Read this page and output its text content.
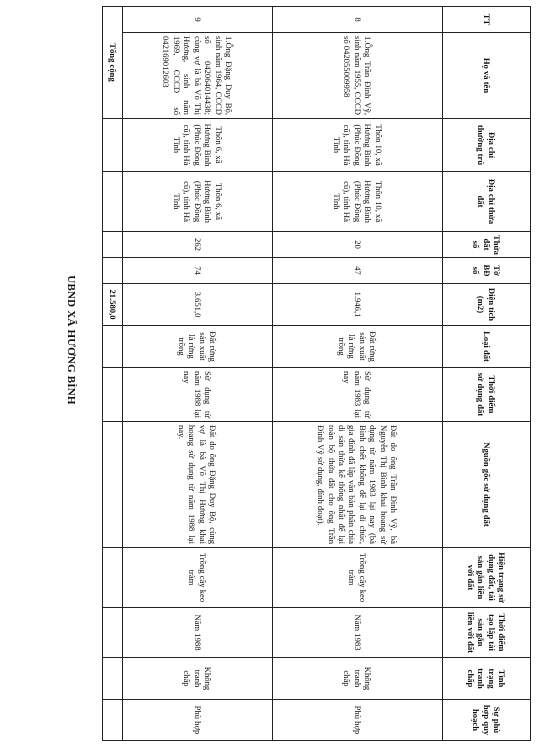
TT	Họ và tên	Địa chỉ thường trú	Địa chỉ thửa đất	Thửa đất số	Tờ BĐ số	Diện tích (m2)	Loại đất	Thời điểm sử dụng đất	Nguồn gốc sử dụng đất	Hiện trạng sử dụng đất, tài sản gắn liền với đất	Thời điểm tạo lập tài sản gắn liền với đất	Tình trạng tranh chấp	Sự phù hợp quy hoạch
8	1.Ông Trần Đình Vỹ, sinh năm 1955, CCCD số 042055009958	Thôn 10, xã Hương Bình (Phúc Đồng cũ), tỉnh Hà Tĩnh	Thôn 10, xã Hương Bình (Phúc Đồng cũ), tỉnh Hà Tĩnh	20	47	1.946,1	Đất rừng sản xuất là rừng trồng	Sử dụng từ năm 1983 lại nay	Đất do ông Trần Đình Vỹ, bà Nguyễn Thị Bình khai hoang sử dụng từ năm 1983 lại nay (bà Bình chết không để lại di chúc, gia đình đã lập văn bản phân chia di sản thừa kế thống nhất để lại toàn bộ thửa đất cho ông Trần Đình Vỹ sử dụng, đính đoạt).	Trồng cây keo tràm	Năm 1983	Không tranh chấp	Phù hợp
9	1.Ông Đặng Duy Bộ, sinh năm 1964, CCCD số 042064014438; cùng vợ là bà Võ Thị Hương, sinh năm 1969, CCCD số 042169012603	Thôn 6, xã Hương Bình (Phúc Đồng cũ), tỉnh Hà Tĩnh	Thôn 6, xã Hương Bình (Phúc Đồng cũ), tỉnh Hà Tĩnh	262	74	3.651,0	Đất rừng sản xuất là rừng trồng	Sử dụng từ năm 1988 lại nay	Đất do ông Đặng Duy Bộ, cùng vợ là bà Võ Thị Hương khai hoang sử dụng từ năm 1988 lại nay.	Trồng cây keo tràm	Năm 1988	Không tranh chấp	Phù hợp
Tổng cộng						21.580,0							
UBND XÃ HƯƠNG BÌNH
